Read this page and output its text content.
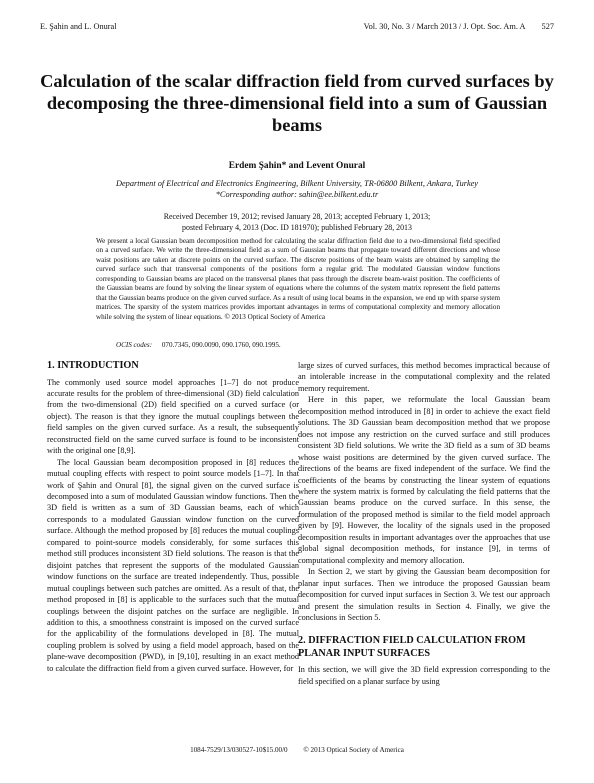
E. Şahin and L. Onural	Vol. 30, No. 3 / March 2013 / J. Opt. Soc. Am. A 527
Calculation of the scalar diffraction field from curved surfaces by decomposing the three-dimensional field into a sum of Gaussian beams
Erdem Şahin* and Levent Onural
Department of Electrical and Electronics Engineering, Bilkent University, TR-06800 Bilkent, Ankara, Turkey
*Corresponding author: sahin@ee.bilkent.edu.tr
Received December 19, 2012; revised January 28, 2013; accepted February 1, 2013;
posted February 4, 2013 (Doc. ID 181970); published February 28, 2013
We present a local Gaussian beam decomposition method for calculating the scalar diffraction field due to a two-dimensional field specified on a curved surface. We write the three-dimensional field as a sum of Gaussian beams that propagate toward different directions and whose waist positions are taken at discrete points on the curved surface. The discrete positions of the beam waists are obtained by sampling the curved surface such that transversal components of the positions form a regular grid. The modulated Gaussian window functions corresponding to Gaussian beams are placed on the transversal planes that pass through the discrete beam-waist position. The coefficients of the Gaussian beams are found by solving the linear system of equations where the columns of the system matrix represent the field patterns that the Gaussian beams produce on the given curved surface. As a result of using local beams in the expansion, we end up with sparse system matrices. The sparsity of the system matrices provides important advantages in terms of computational complexity and memory allocation while solving the system of linear equations. © 2013 Optical Society of America
OCIS codes: 070.7345, 090.0090, 090.1760, 090.1995.
1. INTRODUCTION

The commonly used source model approaches [1–7] do not produce accurate results for the problem of three-dimensional (3D) field calculation from the two-dimensional (2D) field specified on a curved surface (or object). The reason is that they ignore the mutual couplings between the field samples on the given curved surface. As a result, the subsequently reconstructed field on the same curved surface is found to be inconsistent with the original one [8,9].

The local Gaussian beam decomposition proposed in [8] reduces the mutual coupling effects with respect to point source models [1–7]. In that work of Şahin and Onural [8], the signal given on the curved surface is decomposed into a sum of modulated Gaussian window functions. Then the 3D field is written as a sum of 3D Gaussian beams, each of which corresponds to a modulated Gaussian window function on the curved surface. Although the method proposed by [8] reduces the mutual couplings compared to point-source models considerably, for some surfaces this method still produces inconsistent 3D field solutions. The reason is that the disjoint patches that represent the supports of the modulated Gaussian window functions on the surface are treated independently. Thus, possible mutual couplings between such patches are omitted. As a result of that, the method proposed in [8] is applicable to the surfaces such that the mutual couplings between the disjoint patches on the surface are negligible. In addition to this, a smoothness constraint is imposed on the curved surface for the applicability of the formulations developed in [8]. The mutual coupling problem is solved by using a field model approach, based on the plane-wave decomposition (PWD), in [9,10], resulting in an exact method to calculate the diffraction field from a given curved surface. However, for

large sizes of curved surfaces, this method becomes impractical because of an intolerable increase in the computational complexity and the related memory requirement.

Here in this paper, we reformulate the local Gaussian beam decomposition method introduced in [8] in order to achieve the exact field solutions. The 3D Gaussian beam decomposition method that we propose does not impose any restriction on the curved surface and still produces consistent 3D field solutions. We write the 3D field as a sum of 3D beams whose waist positions are determined by the given curved surface. The directions of the beams are fixed independent of the surface. We find the coefficients of the beams by constructing the linear system of equations where the system matrix is formed by calculating the field patterns that the Gaussian beams produce on the curved surface. In this sense, the formulation of the proposed method is similar to the field model approach given by [9]. However, the locality of the signals used in the proposed decomposition results in important advantages over the approaches that use global signal decomposition methods, for instance [9], in terms of computational complexity and memory allocation.

In Section 2, we start by giving the Gaussian beam decomposition for planar input surfaces. Then we introduce the proposed Gaussian beam decomposition for curved input surfaces in Section 3. We test our approach and present the simulation results in Section 4. Finally, we give the conclusions in Section 5.

2. DIFFRACTION FIELD CALCULATION FROM PLANAR INPUT SURFACES

In this section, we will give the 3D field expression corresponding to the field specified on a planar surface by using

1084-7529/13/030527-10$15.00/0 © 2013 Optical Society of America
